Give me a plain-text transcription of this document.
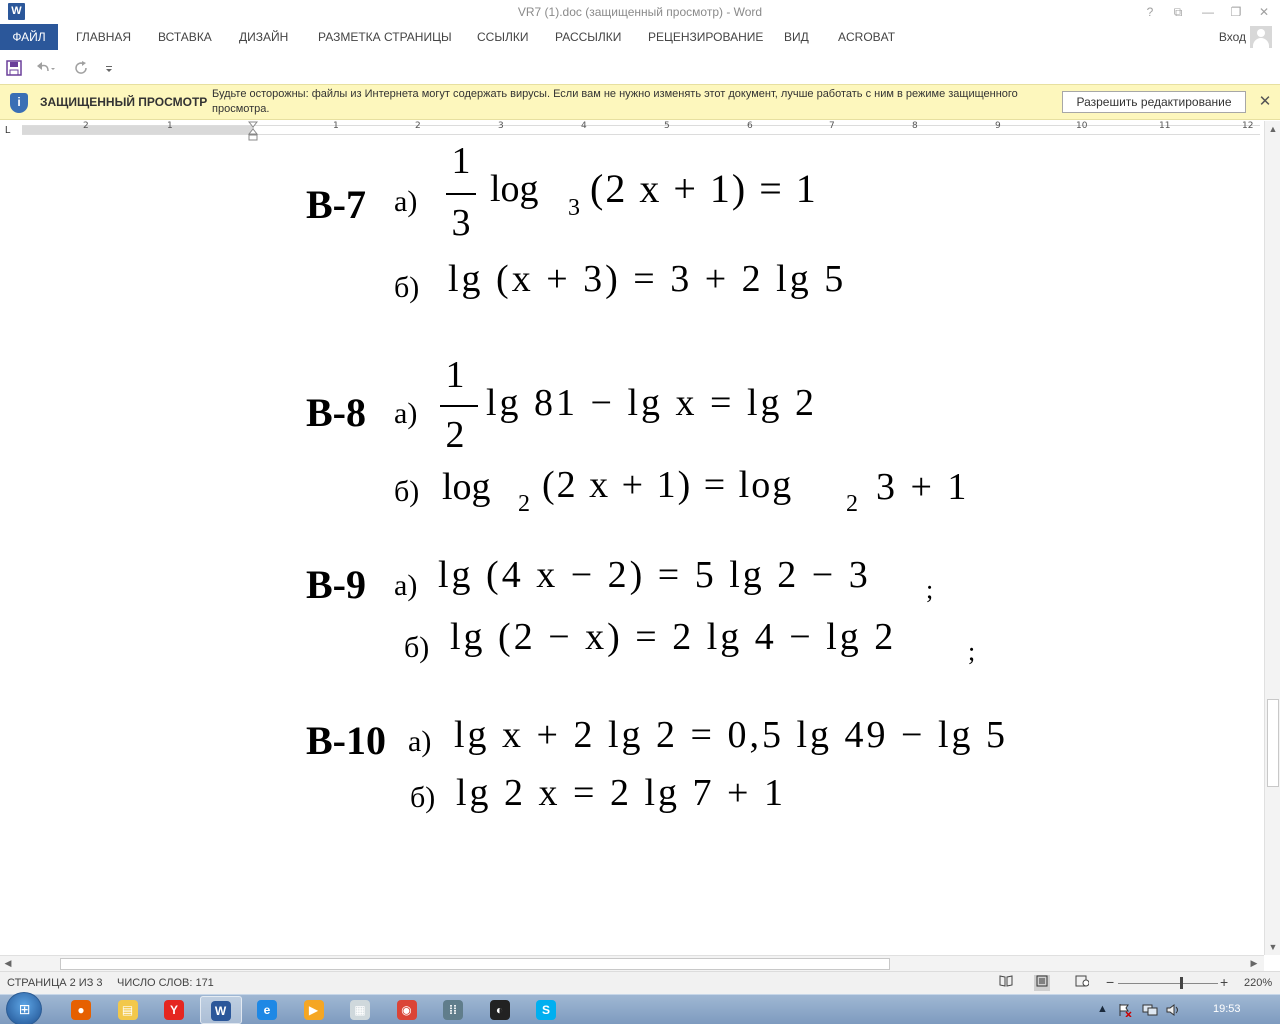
W	VR7 (1).doc (защищенный просмотр) - Word	?	⧉	—	❐	✕
ФАЙЛ	ГЛАВНАЯ	ВСТАВКА	ДИЗАЙН	РАЗМЕТКА СТРАНИЦЫ	ССЫЛКИ	РАССЫЛКИ	РЕЦЕНЗИРОВАНИЕ	ВИД	ACROBAT	Вход
i	ЗАЩИЩЕННЫЙ ПРОСМОТР
Будьте осторожны: файлы из Интернета могут содержать вирусы. Если вам не нужно изменять этот документ, лучше работать с ним в режиме защищенного просмотра.	Разрешить редактирование	✕
L	2	1	1	2	3	4	5	6	7	8	9	10	11	12
В-7 а)
1
3
log 3 (2 x + 1) = 1
б) lg (x + 3) = 3 + 2 lg 5
В-8 а)
1
2
lg 81 − lg x = lg 2
б) log 2 (2 x + 1) = log 2 3 + 1
В-9 а) lg (4 x − 2) = 5 lg 2 − 3 ;
б) lg (2 − x) = 2 lg 4 − lg 2	;
В-10 а) lg x + 2 lg 2 = 0,5 lg 49 − lg 5
б) lg 2 x = 2 lg 7 + 1
▲
▼
◀	▶
СТРАНИЦА 2 ИЗ 3 ЧИСЛО СЛОВ: 171	−	+ 220%
⊞	●	▤	Y	W	e	▶	▦	◉	⁞⁞	◐	S	▲	19:53
